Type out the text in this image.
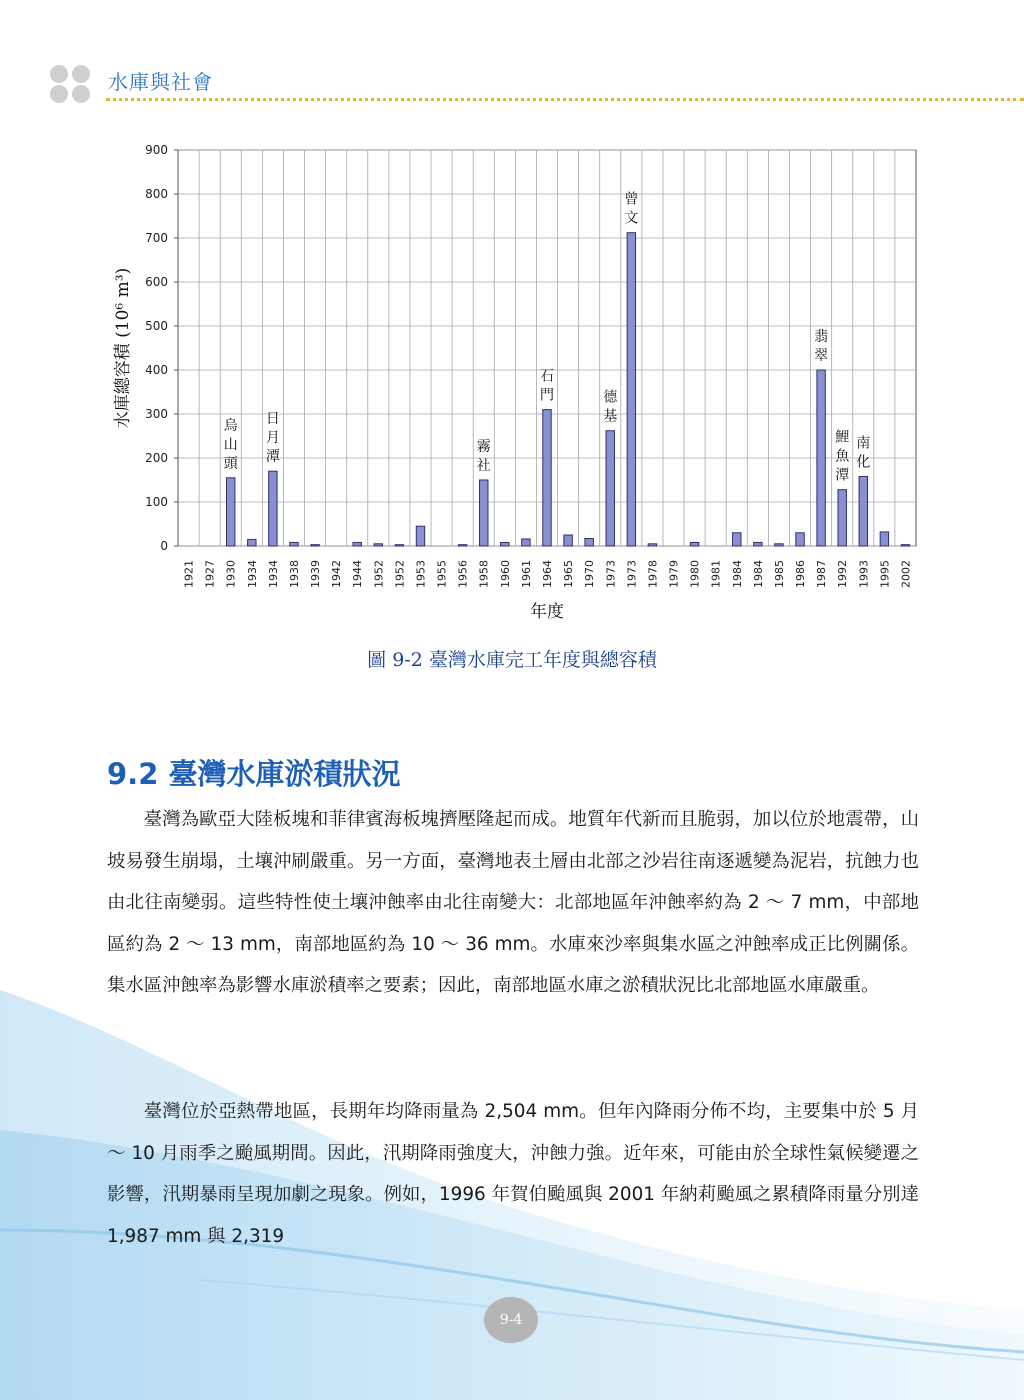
水庫與社會
0
100
200
300
400
500
600
700
800
900
1921 1927 1930 1934 1934 1938 1939 1942 1944 1952 1952 1953 1955 1956 1958 1960 1961 1964 1965 1970 1973 1973 1978 1979 1980 1981 1984 1984 1985 1986 1987 1992 1993 1995 2002
烏
山
頭
日
月
潭
霧
社
石
門	德
基
曾
文
翡
翠
鯉
魚
潭
南
化
水庫總容積 (10⁶ m³)
年度
圖 9-2 臺灣水庫完工年度與總容積
9.2 臺灣水庫淤積狀況

臺灣為歐亞大陸板塊和菲律賓海板塊擠壓隆起而成。地質年代新而且脆弱，加以位於地震帶，山坡易發生崩塌，土壤沖刷嚴重。另一方面，臺灣地表土層由北部之沙岩往南逐遞變為泥岩，抗蝕力也由北往南變弱。這些特性使土壤沖蝕率由北往南變大：北部地區年沖蝕率約為 2 ～ 7 mm，中部地區約為 2 ～ 13 mm，南部地區約為 10 ～ 36 mm。水庫來沙率與集水區之沖蝕率成正比例關係。集水區沖蝕率為影響水庫淤積率之要素；因此，南部地區水庫之淤積狀況比北部地區水庫嚴重。

臺灣位於亞熱帶地區，長期年均降雨量為 2,504 mm。但年內降雨分佈不均，主要集中於 5 月～ 10 月雨季之颱風期間。因此，汛期降雨強度大，沖蝕力強。近年來，可能由於全球性氣候變遷之影響，汛期暴雨呈現加劇之現象。例如，1996 年賀伯颱風與 2001 年納莉颱風之累積降雨量分別達 1,987 mm 與 2,319

9-4
